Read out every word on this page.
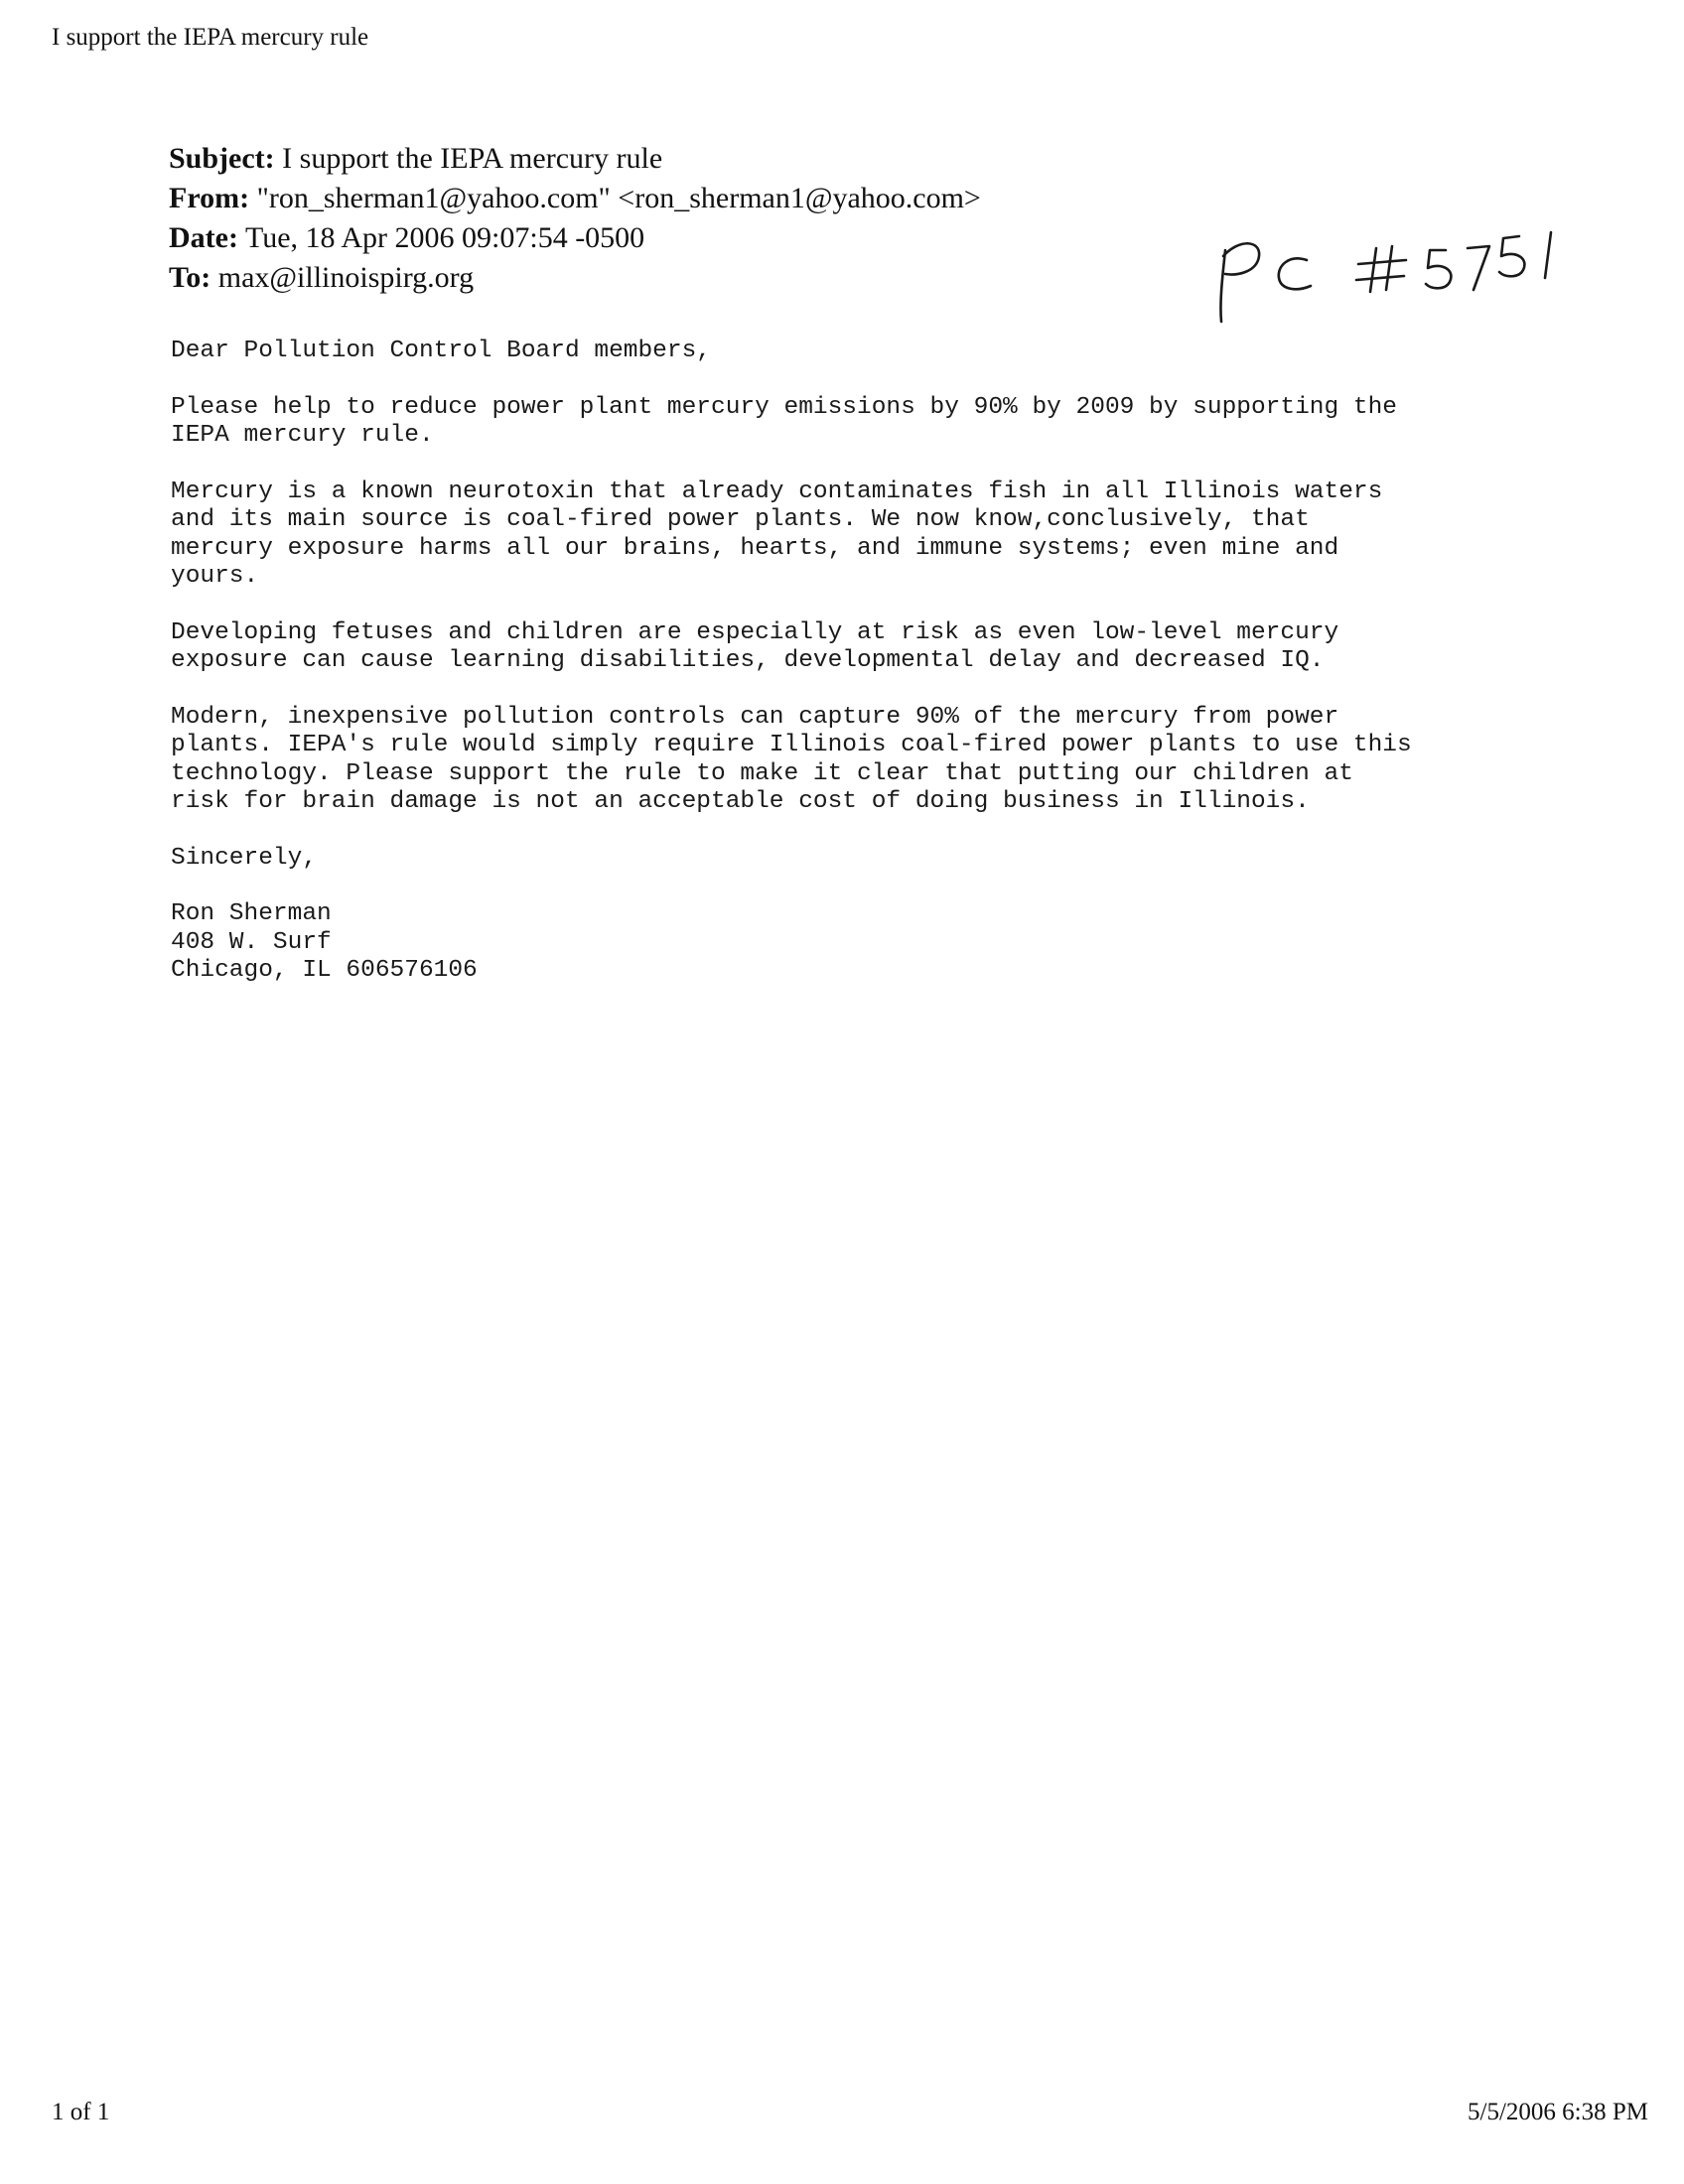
I support the IEPA mercury rule
Subject: I support the IEPA mercury rule
From: "ron_sherman1@yahoo.com" <ron_sherman1@yahoo.com>
Date: Tue, 18 Apr 2006 09:07:54 -0500
To: max@illinoispirg.org

Dear Pollution Control Board members,

Please help to reduce power plant mercury emissions by 90% by 2009 by supporting the
IEPA mercury rule.

Mercury is a known neurotoxin that already contaminates fish in all Illinois waters
and its main source is coal-fired power plants. We now know,conclusively, that
mercury exposure harms all our brains, hearts, and immune systems; even mine and
yours.

Developing fetuses and children are especially at risk as even low-level mercury
exposure can cause learning disabilities, developmental delay and decreased IQ.

Modern, inexpensive pollution controls can capture 90% of the mercury from power
plants. IEPA's rule would simply require Illinois coal-fired power plants to use this
technology. Please support the rule to make it clear that putting our children at
risk for brain damage is not an acceptable cost of doing business in Illinois.

Sincerely,

Ron Sherman
408 W. Surf
Chicago, IL 606576106
1 of 1	5/5/2006 6:38 PM
